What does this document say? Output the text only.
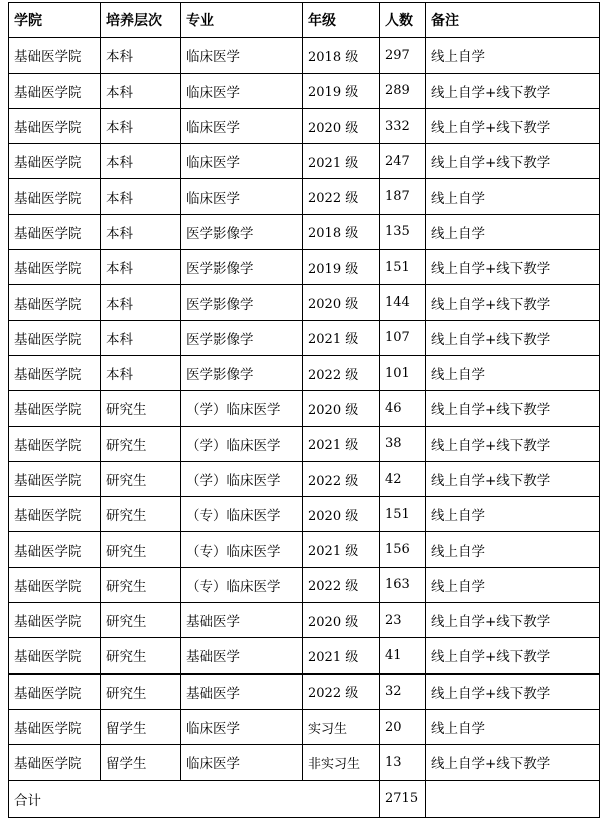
学院	培养层次	专业	年级	人数	备注
基础医学院	本科	临床医学	2018 级	297	线上自学
基础医学院	本科	临床医学	2019 级	289	线上自学+线下教学
基础医学院	本科	临床医学	2020 级	332	线上自学+线下教学
基础医学院	本科	临床医学	2021 级	247	线上自学+线下教学
基础医学院	本科	临床医学	2022 级	187	线上自学
基础医学院	本科	医学影像学	2018 级	135	线上自学
基础医学院	本科	医学影像学	2019 级	151	线上自学+线下教学
基础医学院	本科	医学影像学	2020 级	144	线上自学+线下教学
基础医学院	本科	医学影像学	2021 级	107	线上自学+线下教学
基础医学院	本科	医学影像学	2022 级	101	线上自学
基础医学院	研究生	（学）临床医学	2020 级	46	线上自学+线下教学
基础医学院	研究生	（学）临床医学	2021 级	38	线上自学+线下教学
基础医学院	研究生	（学）临床医学	2022 级	42	线上自学+线下教学
基础医学院	研究生	（专）临床医学	2020 级	151	线上自学
基础医学院	研究生	（专）临床医学	2021 级	156	线上自学
基础医学院	研究生	（专）临床医学	2022 级	163	线上自学
基础医学院	研究生	基础医学	2020 级	23	线上自学+线下教学
基础医学院	研究生	基础医学	2021 级	41	线上自学+线下教学
基础医学院	研究生	基础医学	2022 级	32	线上自学+线下教学
基础医学院	留学生	临床医学	实习生	20	线上自学
基础医学院	留学生	临床医学	非实习生	13	线上自学+线下教学
合计				2715	
